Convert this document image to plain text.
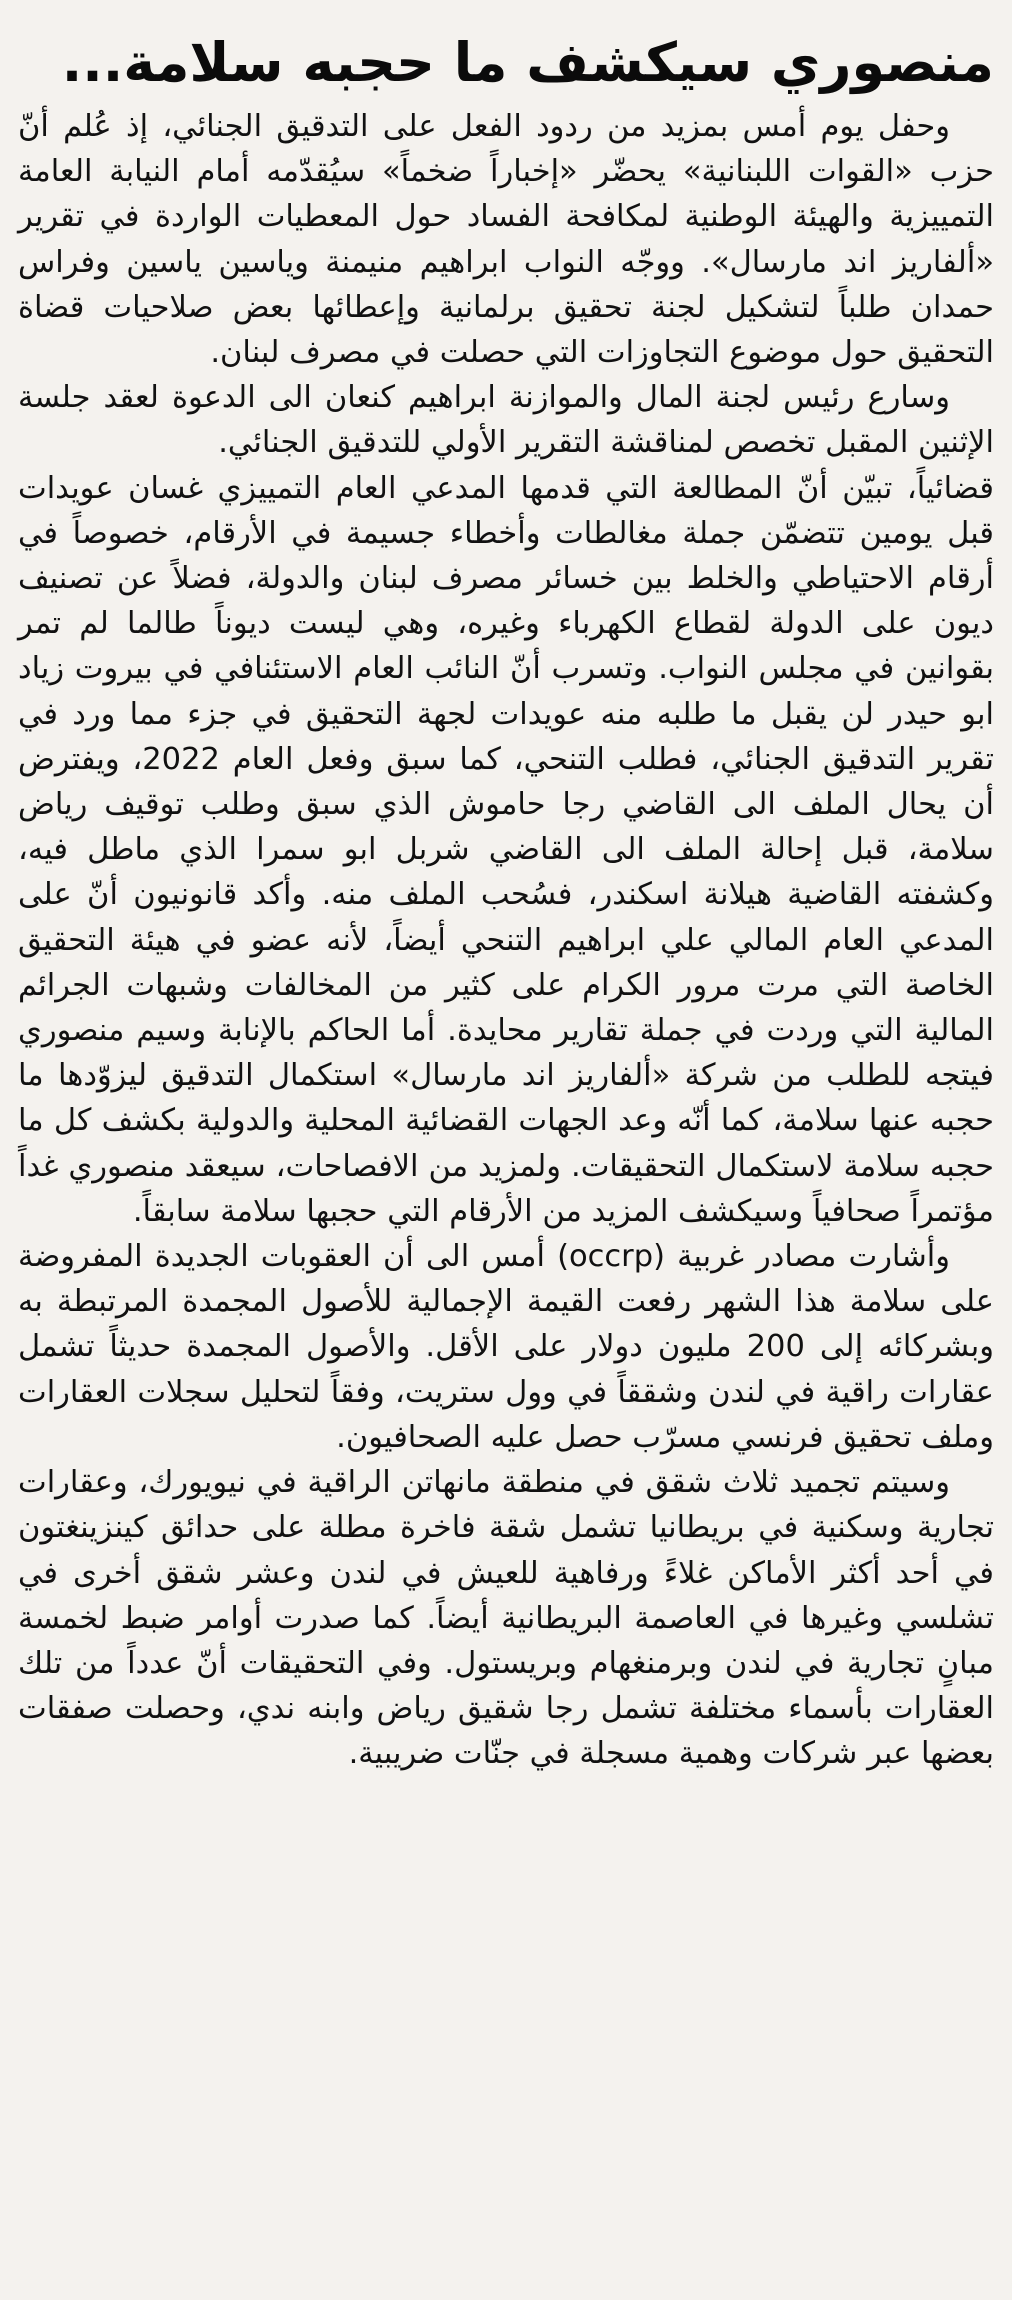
منصوري سيكشف ما حجبه سلامة...

وحفل يوم أمس بمزيد من ردود الفعل على التدقيق الجنائي، إذ عُلم أنّ حزب «القوات اللبنانية» يحضّر «إخباراً ضخماً» سيُقدّمه أمام النيابة العامة التمييزية والهيئة الوطنية لمكافحة الفساد حول المعطيات الواردة في تقرير «ألفاريز اند مارسال». ووجّه النواب ابراهيم منيمنة وياسين ياسين وفراس حمدان طلباً لتشكيل لجنة تحقيق برلمانية وإعطائها بعض صلاحيات قضاة التحقيق حول موضوع التجاوزات التي حصلت في مصرف لبنان.

وسارع رئيس لجنة المال والموازنة ابراهيم كنعان الى الدعوة لعقد جلسة الإثنين المقبل تخصص لمناقشة التقرير الأولي للتدقيق الجنائي.

قضائياً، تبيّن أنّ المطالعة التي قدمها المدعي العام التمييزي غسان عويدات قبل يومين تتضمّن جملة مغالطات وأخطاء جسيمة في الأرقام، خصوصاً في أرقام الاحتياطي والخلط بين خسائر مصرف لبنان والدولة، فضلاً عن تصنيف ديون على الدولة لقطاع الكهرباء وغيره، وهي ليست ديوناً طالما لم تمر بقوانين في مجلس النواب. وتسرب أنّ النائب العام الاستئنافي في بيروت زياد ابو حيدر لن يقبل ما طلبه منه عويدات لجهة التحقيق في جزء مما ورد في تقرير التدقيق الجنائي، فطلب التنحي، كما سبق وفعل العام 2022، ويفترض أن يحال الملف الى القاضي رجا حاموش الذي سبق وطلب توقيف رياض سلامة، قبل إحالة الملف الى القاضي شربل ابو سمرا الذي ماطل فيه، وكشفته القاضية هيلانة اسكندر، فسُحب الملف منه. وأكد قانونيون أنّ على المدعي العام المالي علي ابراهيم التنحي أيضاً، لأنه عضو في هيئة التحقيق الخاصة التي مرت مرور الكرام على كثير من المخالفات وشبهات الجرائم المالية التي وردت في جملة تقارير محايدة. أما الحاكم بالإنابة وسيم منصوري فيتجه للطلب من شركة «ألفاريز اند مارسال» استكمال التدقيق ليزوّدها ما حجبه عنها سلامة، كما أنّه وعد الجهات القضائية المحلية والدولية بكشف كل ما حجبه سلامة لاستكمال التحقيقات. ولمزيد من الافصاحات، سيعقد منصوري غداً مؤتمراً صحافياً وسيكشف المزيد من الأرقام التي حجبها سلامة سابقاً.

وأشارت مصادر غربية (occrp) أمس الى أن العقوبات الجديدة المفروضة على سلامة هذا الشهر رفعت القيمة الإجمالية للأصول المجمدة المرتبطة به وبشركائه إلى 200 مليون دولار على الأقل. والأصول المجمدة حديثاً تشمل عقارات راقية في لندن وشققاً في وول ستريت، وفقاً لتحليل سجلات العقارات وملف تحقيق فرنسي مسرّب حصل عليه الصحافيون.

وسيتم تجميد ثلاث شقق في منطقة مانهاتن الراقية في نيويورك، وعقارات تجارية وسكنية في بريطانيا تشمل شقة فاخرة مطلة على حدائق كينزينغتون في أحد أكثر الأماكن غلاءً ورفاهية للعيش في لندن وعشر شقق أخرى في تشلسي وغيرها في العاصمة البريطانية أيضاً. كما صدرت أوامر ضبط لخمسة مبانٍ تجارية في لندن وبرمنغهام وبريستول. وفي التحقيقات أنّ عدداً من تلك العقارات بأسماء مختلفة تشمل رجا شقيق رياض وابنه ندي، وحصلت صفقات بعضها عبر شركات وهمية مسجلة في جنّات ضريبية.
